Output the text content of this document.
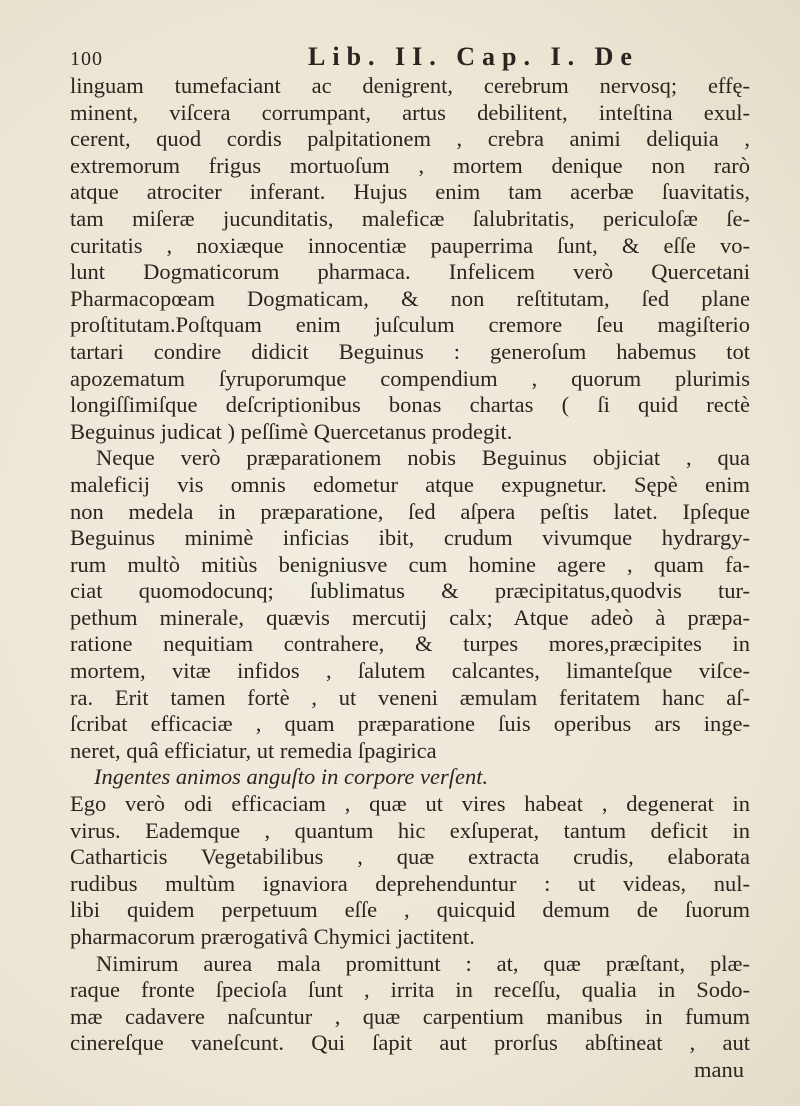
100	Lib. II. Cap. I. De
linguam tumefaciant ac denigrent, cerebrum nervosq; effę-
minent, viſcera corrumpant, artus debilitent, inteſtina exul-
cerent, quod cordis palpitationem , crebra animi deliquia ,
extremorum frigus mortuoſum , mortem denique non rarò
atque atrociter inferant. Hujus enim tam acerbæ ſuavitatis,
tam miſeræ jucunditatis, maleficæ ſalubritatis, periculoſæ ſe-
curitatis , noxiæque innocentiæ pauperrima ſunt, & eſſe vo-
lunt Dogmaticorum pharmaca. Infelicem verò Quercetani
Pharmacopœam Dogmaticam, & non reſtitutam, ſed plane
proſtitutam.Poſtquam enim juſculum cremore ſeu magiſterio
tartari condire didicit Beguinus : generoſum habemus tot
apozematum ſyruporumque compendium , quorum plurimis
longiſſimiſque deſcriptionibus bonas chartas ( ſi quid rectè
Beguinus judicat ) peſſimè Quercetanus prodegit.
Neque verò præparationem nobis Beguinus objiciat , qua
maleficij vis omnis edometur atque expugnetur. Sępè enim
non medela in præparatione, ſed aſpera peſtis latet. Ipſeque
Beguinus minimè inficias ibit, crudum vivumque hydrargy-
rum multò mitiùs benigniusve cum homine agere , quam fa-
ciat quomodocunq; ſublimatus & præcipitatus,quodvis tur-
pethum minerale, quævis mercutij calx; Atque adeò à præpa-
ratione nequitiam contrahere, & turpes mores,præcipites in
mortem, vitæ infidos , ſalutem calcantes, limanteſque viſce-
ra. Erit tamen fortè , ut veneni æmulam feritatem hanc aſ-
ſcribat efficaciæ , quam præparatione ſuis operibus ars inge-
neret, quâ efficiatur, ut remedia ſpagirica
Ingentes animos anguſto in corpore verſent.
Ego verò odi efficaciam , quæ ut vires habeat , degenerat in
virus. Eademque , quantum hic exſuperat, tantum deficit in
Catharticis Vegetabilibus , quæ extracta crudis, elaborata
rudibus multùm ignaviora deprehenduntur : ut videas, nul-
libi quidem perpetuum eſſe , quicquid demum de ſuorum
pharmacorum prærogativâ Chymici jactitent.
Nimirum aurea mala promittunt : at, quæ præſtant, plæ-
raque fronte ſpecioſa ſunt , irrita in receſſu, qualia in Sodo-
mæ cadavere naſcuntur , quæ carpentium manibus in fumum
cinereſque vaneſcunt. Qui ſapit aut prorſus abſtineat , aut
manu
